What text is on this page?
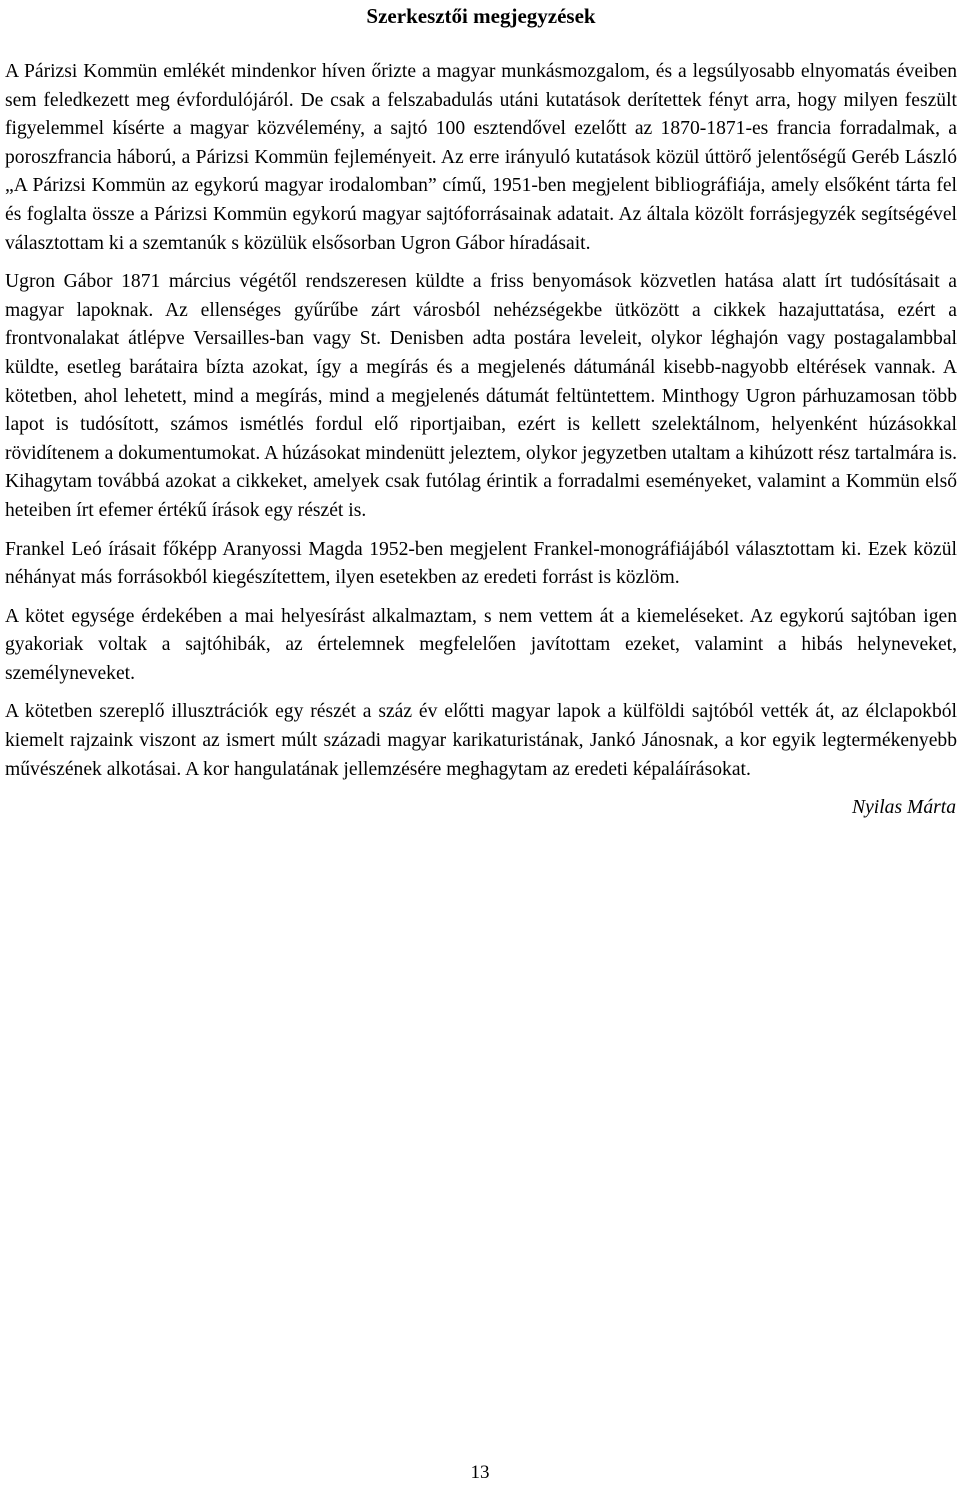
Szerkesztői megjegyzések

A Párizsi Kommün emlékét mindenkor híven őrizte a magyar munkásmozgalom, és a legsúlyosabb elnyomatás éveiben sem feledkezett meg évfordulójáról. De csak a felszabadulás utáni kutatások derítettek fényt arra, hogy milyen feszült figyelemmel kísérte a magyar közvélemény, a sajtó 100 esztendővel ezelőtt az 1870-1871-es francia forradalmak, a poroszfrancia háború, a Párizsi Kommün fejleményeit. Az erre irányuló kutatások közül úttörő jelentőségű Geréb László „A Párizsi Kommün az egykorú magyar irodalomban” című, 1951-ben megjelent bibliográfiája, amely elsőként tárta fel és foglalta össze a Párizsi Kommün egykorú magyar sajtóforrásainak adatait. Az általa közölt forrásjegyzék segítségével választottam ki a szemtanúk s közülük elsősorban Ugron Gábor híradásait.

Ugron Gábor 1871 március végétől rendszeresen küldte a friss benyomások közvetlen hatása alatt írt tudósításait a magyar lapoknak. Az ellenséges gyűrűbe zárt városból nehézségekbe ütközött a cikkek hazajuttatása, ezért a frontvonalakat átlépve Versailles-ban vagy St. Denisben adta postára leveleit, olykor léghajón vagy postagalambbal küldte, esetleg barátaira bízta azokat, így a megírás és a megjelenés dátumánál kisebb-nagyobb eltérések vannak. A kötetben, ahol lehetett, mind a megírás, mind a megjelenés dátumát feltüntettem. Minthogy Ugron párhuzamosan több lapot is tudósított, számos ismétlés fordul elő riportjaiban, ezért is kellett szelektálnom, helyenként húzásokkal rövidítenem a dokumentumokat. A húzásokat mindenütt jeleztem, olykor jegyzetben utaltam a kihúzott rész tartalmára is. Kihagytam továbbá azokat a cikkeket, amelyek csak futólag érintik a forradalmi eseményeket, valamint a Kommün első heteiben írt efemer értékű írások egy részét is.

Frankel Leó írásait főképp Aranyossi Magda 1952-ben megjelent Frankel-monográfiájából választottam ki. Ezek közül néhányat más forrásokból kiegészítettem, ilyen esetekben az eredeti forrást is közlöm.

A kötet egysége érdekében a mai helyesírást alkalmaztam, s nem vettem át a kiemeléseket. Az egykorú sajtóban igen gyakoriak voltak a sajtóhibák, az értelemnek megfelelően javítottam ezeket, valamint a hibás helyneveket, személyneveket.

A kötetben szereplő illusztrációk egy részét a száz év előtti magyar lapok a külföldi sajtóból vették át, az élclapokból kiemelt rajzaink viszont az ismert múlt századi magyar karikaturistának, Jankó Jánosnak, a kor egyik legtermékenyebb művészének alkotásai. A kor hangulatának jellemzésére meghagytam az eredeti képaláírásokat.

Nyilas Márta

13
